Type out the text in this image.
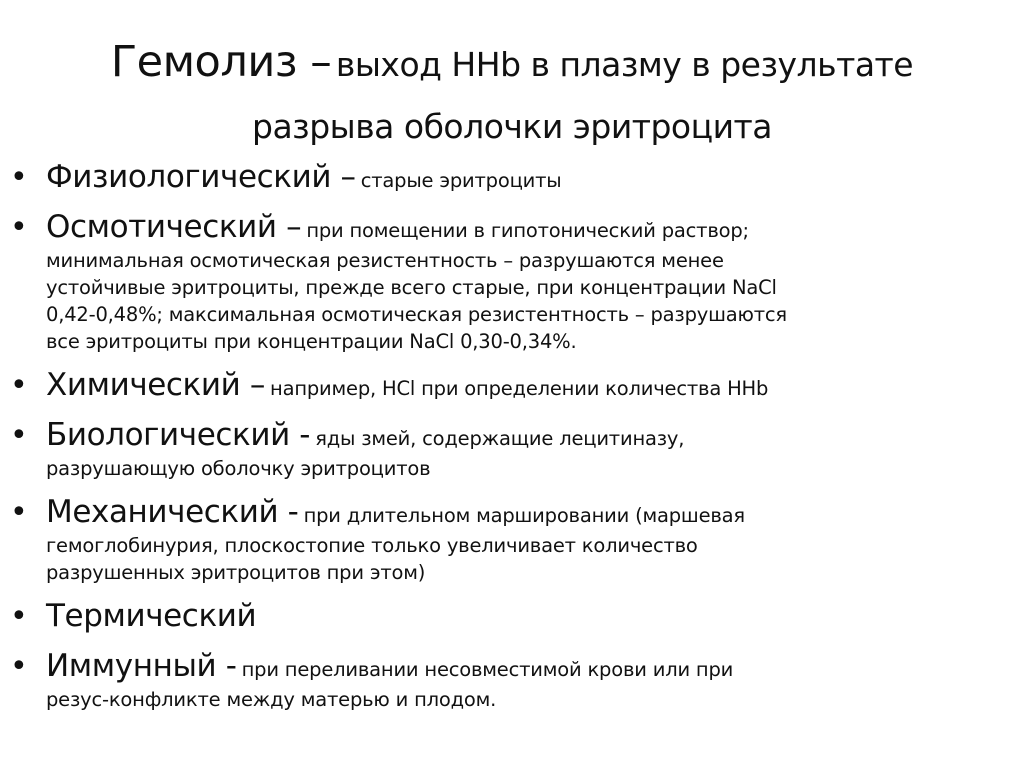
Гемолиз – выход ННb в плазму в результате
разрыва оболочки эритроцита
• Физиологический – старые эритроциты
• Осмотический – при помещении в гипотонический раствор;
минимальная осмотическая резистентность – разрушаются менее
устойчивые эритроциты, прежде всего старые, при концентрации NaCl
0,42-0,48%; максимальная осмотическая резистентность – разрушаются
все эритроциты при концентрации NaCl 0,30-0,34%.
• Химический – например, HCl при определении количества ННb
• Биологический - яды змей, содержащие лецитиназу,
разрушающую оболочку эритроцитов
• Механический - при длительном маршировании (маршевая
гемоглобинурия, плоскостопие только увеличивает количество
разрушенных эритроцитов при этом)
• Термический
• Иммунный - при переливании несовместимой крови или при
резус-конфликте между матерью и плодом.
